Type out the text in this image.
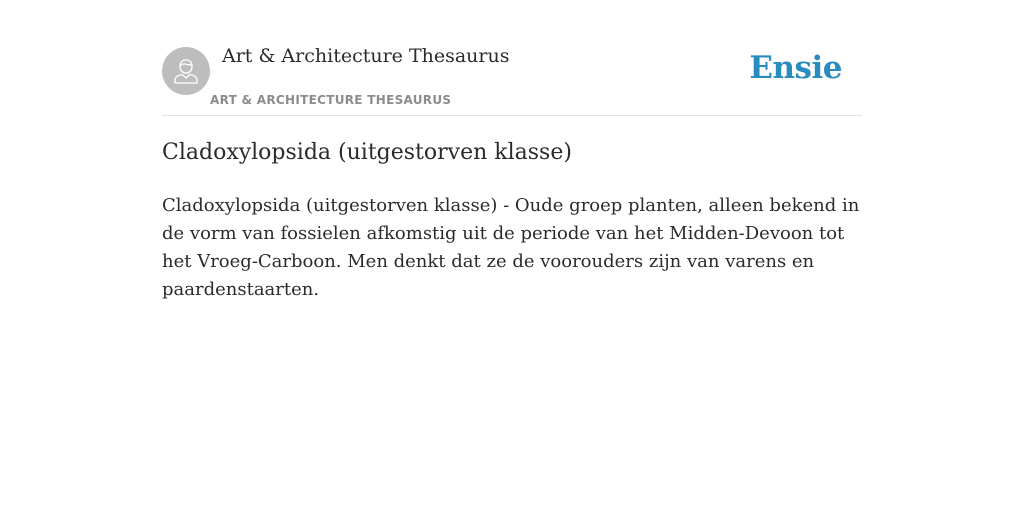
Art & Architecture Thesaurus
ART & ARCHITECTURE THESAURUS
Ensie
Cladoxylopsida (uitgestorven klasse)

Cladoxylopsida (uitgestorven klasse) - Oude groep planten, alleen bekend in de vorm van fossielen afkomstig uit de periode van het Midden-Devoon tot het Vroeg-Carboon. Men denkt dat ze de voorouders zijn van varens en paardenstaarten.
